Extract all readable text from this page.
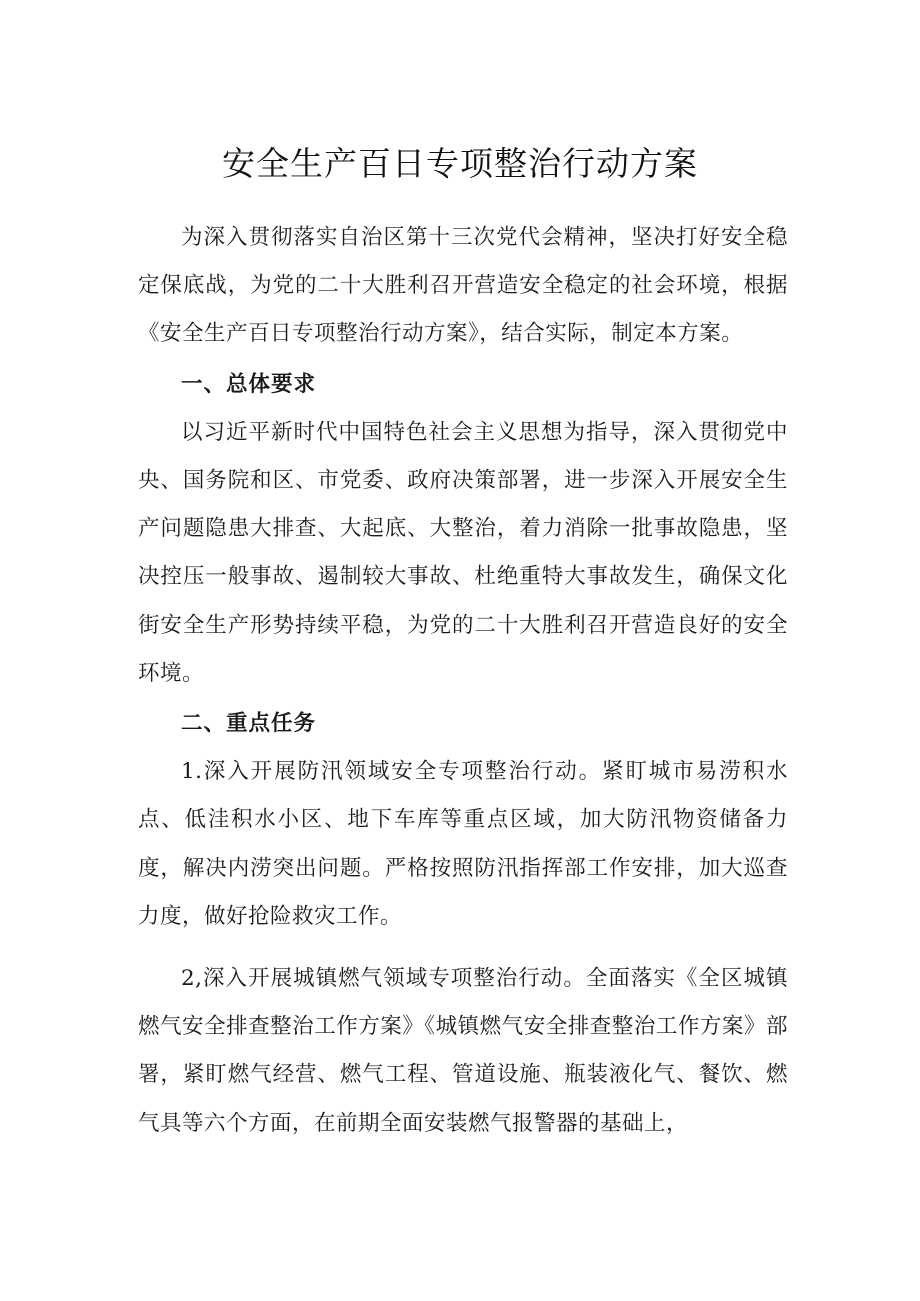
安全生产百日专项整治行动方案

为深入贯彻落实自治区第十三次党代会精神，坚决打好安全稳定保底战，为党的二十大胜利召开营造安全稳定的社会环境，根据《安全生产百日专项整治行动方案》，结合实际，制定本方案。

一、总体要求

以习近平新时代中国特色社会主义思想为指导，深入贯彻党中央、国务院和区、市党委、政府决策部署，进一步深入开展安全生产问题隐患大排查、大起底、大整治，着力消除一批事故隐患，坚决控压一般事故、遏制较大事故、杜绝重特大事故发生，确保文化街安全生产形势持续平稳，为党的二十大胜利召开营造良好的安全环境。

二、重点任务

1.深入开展防汛领域安全专项整治行动。紧盯城市易涝积水点、低洼积水小区、地下车库等重点区域，加大防汛物资储备力度，解决内涝突出问题。严格按照防汛指挥部工作安排，加大巡查力度，做好抢险救灾工作。

2,深入开展城镇燃气领域专项整治行动。全面落实《全区城镇燃气安全排查整治工作方案》《城镇燃气安全排查整治工作方案》部署，紧盯燃气经营、燃气工程、管道设施、瓶装液化气、餐饮、燃气具等六个方面，在前期全面安装燃气报警器的基础上，
